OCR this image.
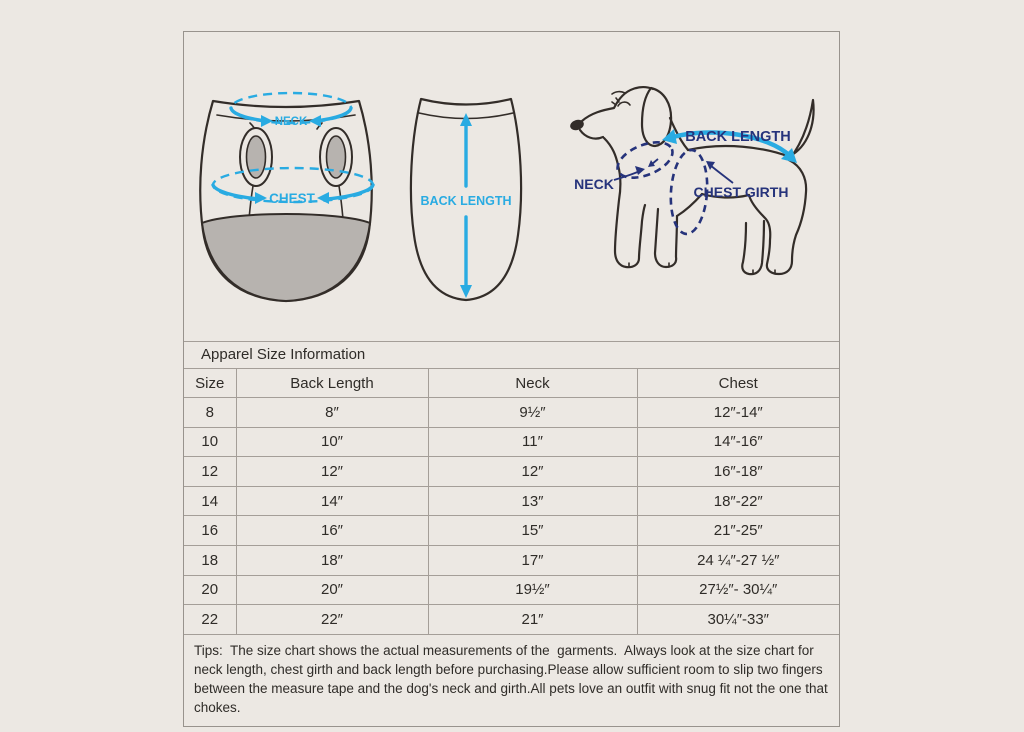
NECK
CHEST	BACK LENGTH
BACK LENGTH
NECK	CHEST GIRTH
Apparel Size Information
Size	Back Length	Neck	Chest
8	8″	9½″	12″-14″
10	10″	11″	14″-16″
12	12″	12″	16″-18″
14	14″	13″	18″-22″
16	16″	15″	21″-25″
18	18″	17″	24 ¼″-27 ½″
20	20″	19½″	27½″- 30¼″
22	22″	21″	30¼″-33″
Tips:  The size chart shows the actual measurements of the  garments.  Always look at the size chart for neck length, chest girth and back length before purchasing.Please allow sufficient room to slip two fingers between the measure tape and the dog's neck and girth.All pets love an outfit with snug fit not the one that chokes.
